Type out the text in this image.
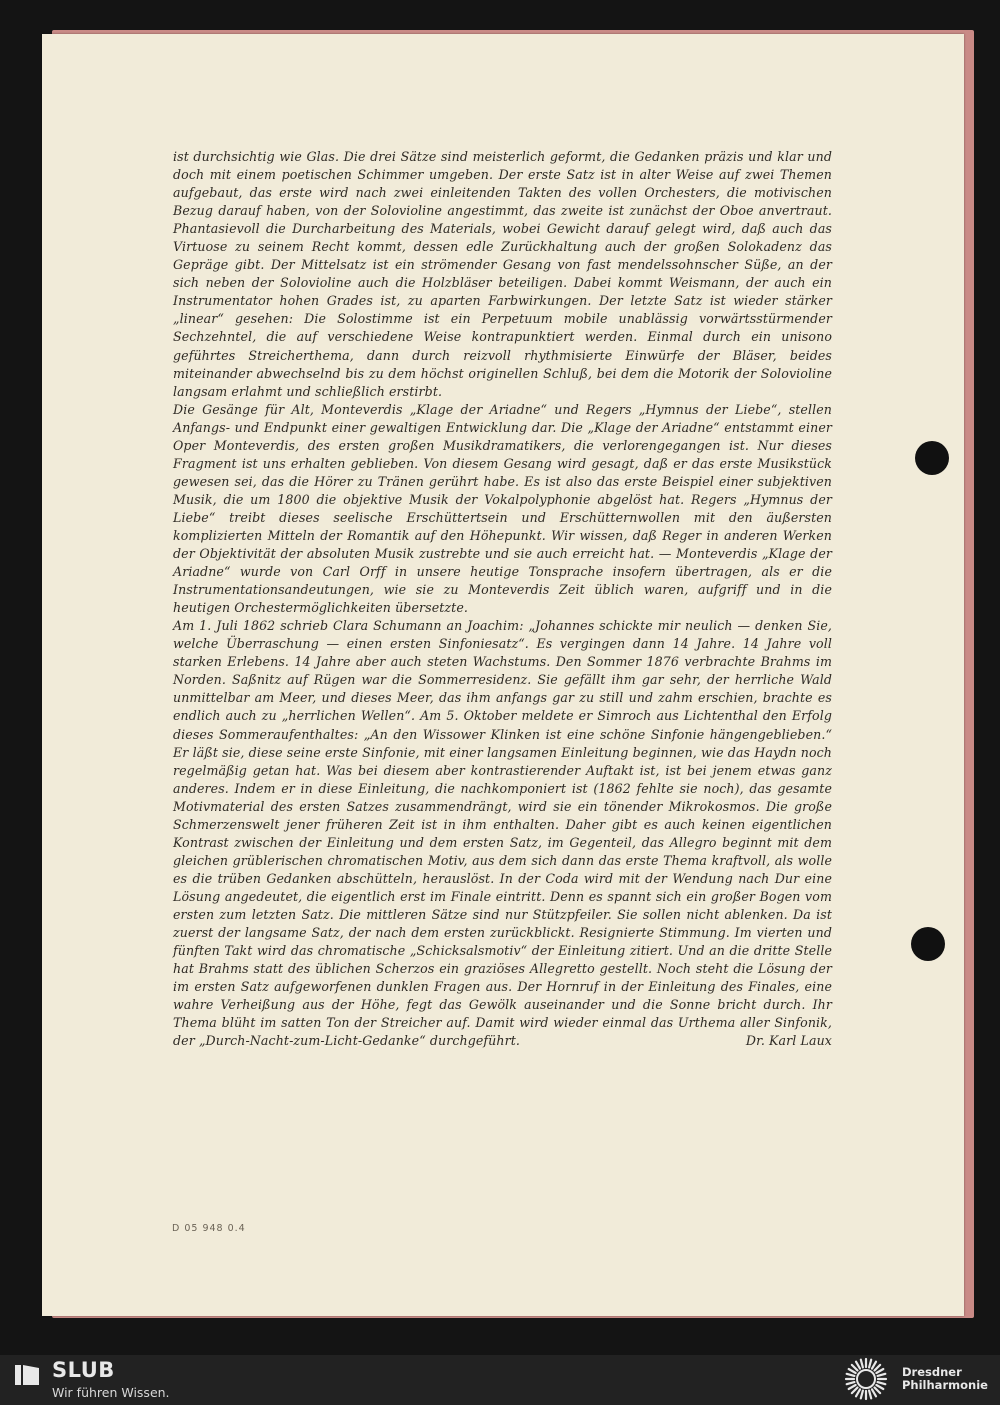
ist durchsichtig wie Glas. Die drei Sätze sind meisterlich geformt, die Gedanken präzis und klar und doch mit einem poetischen Schimmer umgeben. Der erste Satz ist in alter Weise auf zwei Themen aufgebaut, das erste wird nach zwei einleitenden Takten des vollen Orchesters, die motivischen Bezug darauf haben, von der Solovioline angestimmt, das zweite ist zunächst der Oboe anvertraut. Phantasievoll die Durcharbeitung des Materials, wobei Gewicht darauf gelegt wird, daß auch das Virtuose zu seinem Recht kommt, dessen edle Zurückhaltung auch der großen Solokadenz das Gepräge gibt. Der Mittelsatz ist ein strömender Gesang von fast mendelssohnscher Süße, an der sich neben der Solovioline auch die Holzbläser beteiligen. Dabei kommt Weismann, der auch ein Instrumentator hohen Grades ist, zu aparten Farbwirkungen. Der letzte Satz ist wieder stärker „linear“ gesehen: Die Solostimme ist ein Perpetuum mobile unablässig vorwärtsstürmender Sechzehntel, die auf verschiedene Weise kontrapunktiert werden. Einmal durch ein unisono geführtes Streicherthema, dann durch reizvoll rhythmisierte Einwürfe der Bläser, beides miteinander abwechselnd bis zu dem höchst originellen Schluß, bei dem die Motorik der Solovioline langsam erlahmt und schließlich erstirbt.

Die Gesänge für Alt, Monteverdis „Klage der Ariadne“ und Regers „Hymnus der Liebe“, stellen Anfangs- und Endpunkt einer gewaltigen Entwicklung dar. Die „Klage der Ariadne“ entstammt einer Oper Monteverdis, des ersten großen Musikdramatikers, die verlorengegangen ist. Nur dieses Fragment ist uns erhalten geblieben. Von diesem Gesang wird gesagt, daß er das erste Musikstück gewesen sei, das die Hörer zu Tränen gerührt habe. Es ist also das erste Beispiel einer subjektiven Musik, die um 1800 die objektive Musik der Vokalpolyphonie abgelöst hat. Regers „Hymnus der Liebe“ treibt dieses seelische Erschüttertsein und Erschütternwollen mit den äußersten komplizierten Mitteln der Romantik auf den Höhepunkt. Wir wissen, daß Reger in anderen Werken der Objektivität der absoluten Musik zustrebte und sie auch erreicht hat. — Monteverdis „Klage der Ariadne“ wurde von Carl Orff in unsere heutige Tonsprache insofern übertragen, als er die Instrumentationsandeutungen, wie sie zu Monteverdis Zeit üblich waren, aufgriff und in die heutigen Orchestermöglichkeiten übersetzte.

Am 1. Juli 1862 schrieb Clara Schumann an Joachim: „Johannes schickte mir neulich — denken Sie, welche Überraschung — einen ersten Sinfoniesatz“. Es vergingen dann 14 Jahre. 14 Jahre voll starken Erlebens. 14 Jahre aber auch steten Wachstums. Den Sommer 1876 verbrachte Brahms im Norden. Saßnitz auf Rügen war die Sommerresidenz. Sie gefällt ihm gar sehr, der herrliche Wald unmittelbar am Meer, und dieses Meer, das ihm anfangs gar zu still und zahm erschien, brachte es endlich auch zu „herrlichen Wellen“. Am 5. Oktober meldete er Simroch aus Lichtenthal den Erfolg dieses Sommeraufenthaltes: „An den Wissower Klinken ist eine schöne Sinfonie hängengeblieben.“ Er läßt sie, diese seine erste Sinfonie, mit einer langsamen Einleitung beginnen, wie das Haydn noch regelmäßig getan hat. Was bei diesem aber kontrastierender Auftakt ist, ist bei jenem etwas ganz anderes. Indem er in diese Einleitung, die nachkomponiert ist (1862 fehlte sie noch), das gesamte Motivmaterial des ersten Satzes zusammendrängt, wird sie ein tönender Mikrokosmos. Die große Schmerzenswelt jener früheren Zeit ist in ihm enthalten. Daher gibt es auch keinen eigentlichen Kontrast zwischen der Einleitung und dem ersten Satz, im Gegenteil, das Allegro beginnt mit dem gleichen grüblerischen chromatischen Motiv, aus dem sich dann das erste Thema kraftvoll, als wolle es die trüben Gedanken abschütteln, herauslöst. In der Coda wird mit der Wendung nach Dur eine Lösung angedeutet, die eigentlich erst im Finale eintritt. Denn es spannt sich ein großer Bogen vom ersten zum letzten Satz. Die mittleren Sätze sind nur Stützpfeiler. Sie sollen nicht ablenken. Da ist zuerst der langsame Satz, der nach dem ersten zurückblickt. Resignierte Stimmung. Im vierten und fünften Takt wird das chromatische „Schicksalsmotiv“ der Einleitung zitiert. Und an die dritte Stelle hat Brahms statt des üblichen Scherzos ein graziöses Allegretto gestellt. Noch steht die Lösung der im ersten Satz aufgeworfenen dunklen Fragen aus. Der Hornruf in der Einleitung des Finales, eine wahre Verheißung aus der Höhe, fegt das Gewölk auseinander und die Sonne bricht durch. Ihr Thema blüht im satten Ton der Streicher auf. Damit wird wieder einmal das Urthema aller Sinfonik, der „Durch-Nacht-zum-Licht-Gedanke“ durchgeführt.	Dr. Karl Laux

D 05 948 0.4
SLUB
Wir führen Wissen.
Dresdner
Philharmonie
